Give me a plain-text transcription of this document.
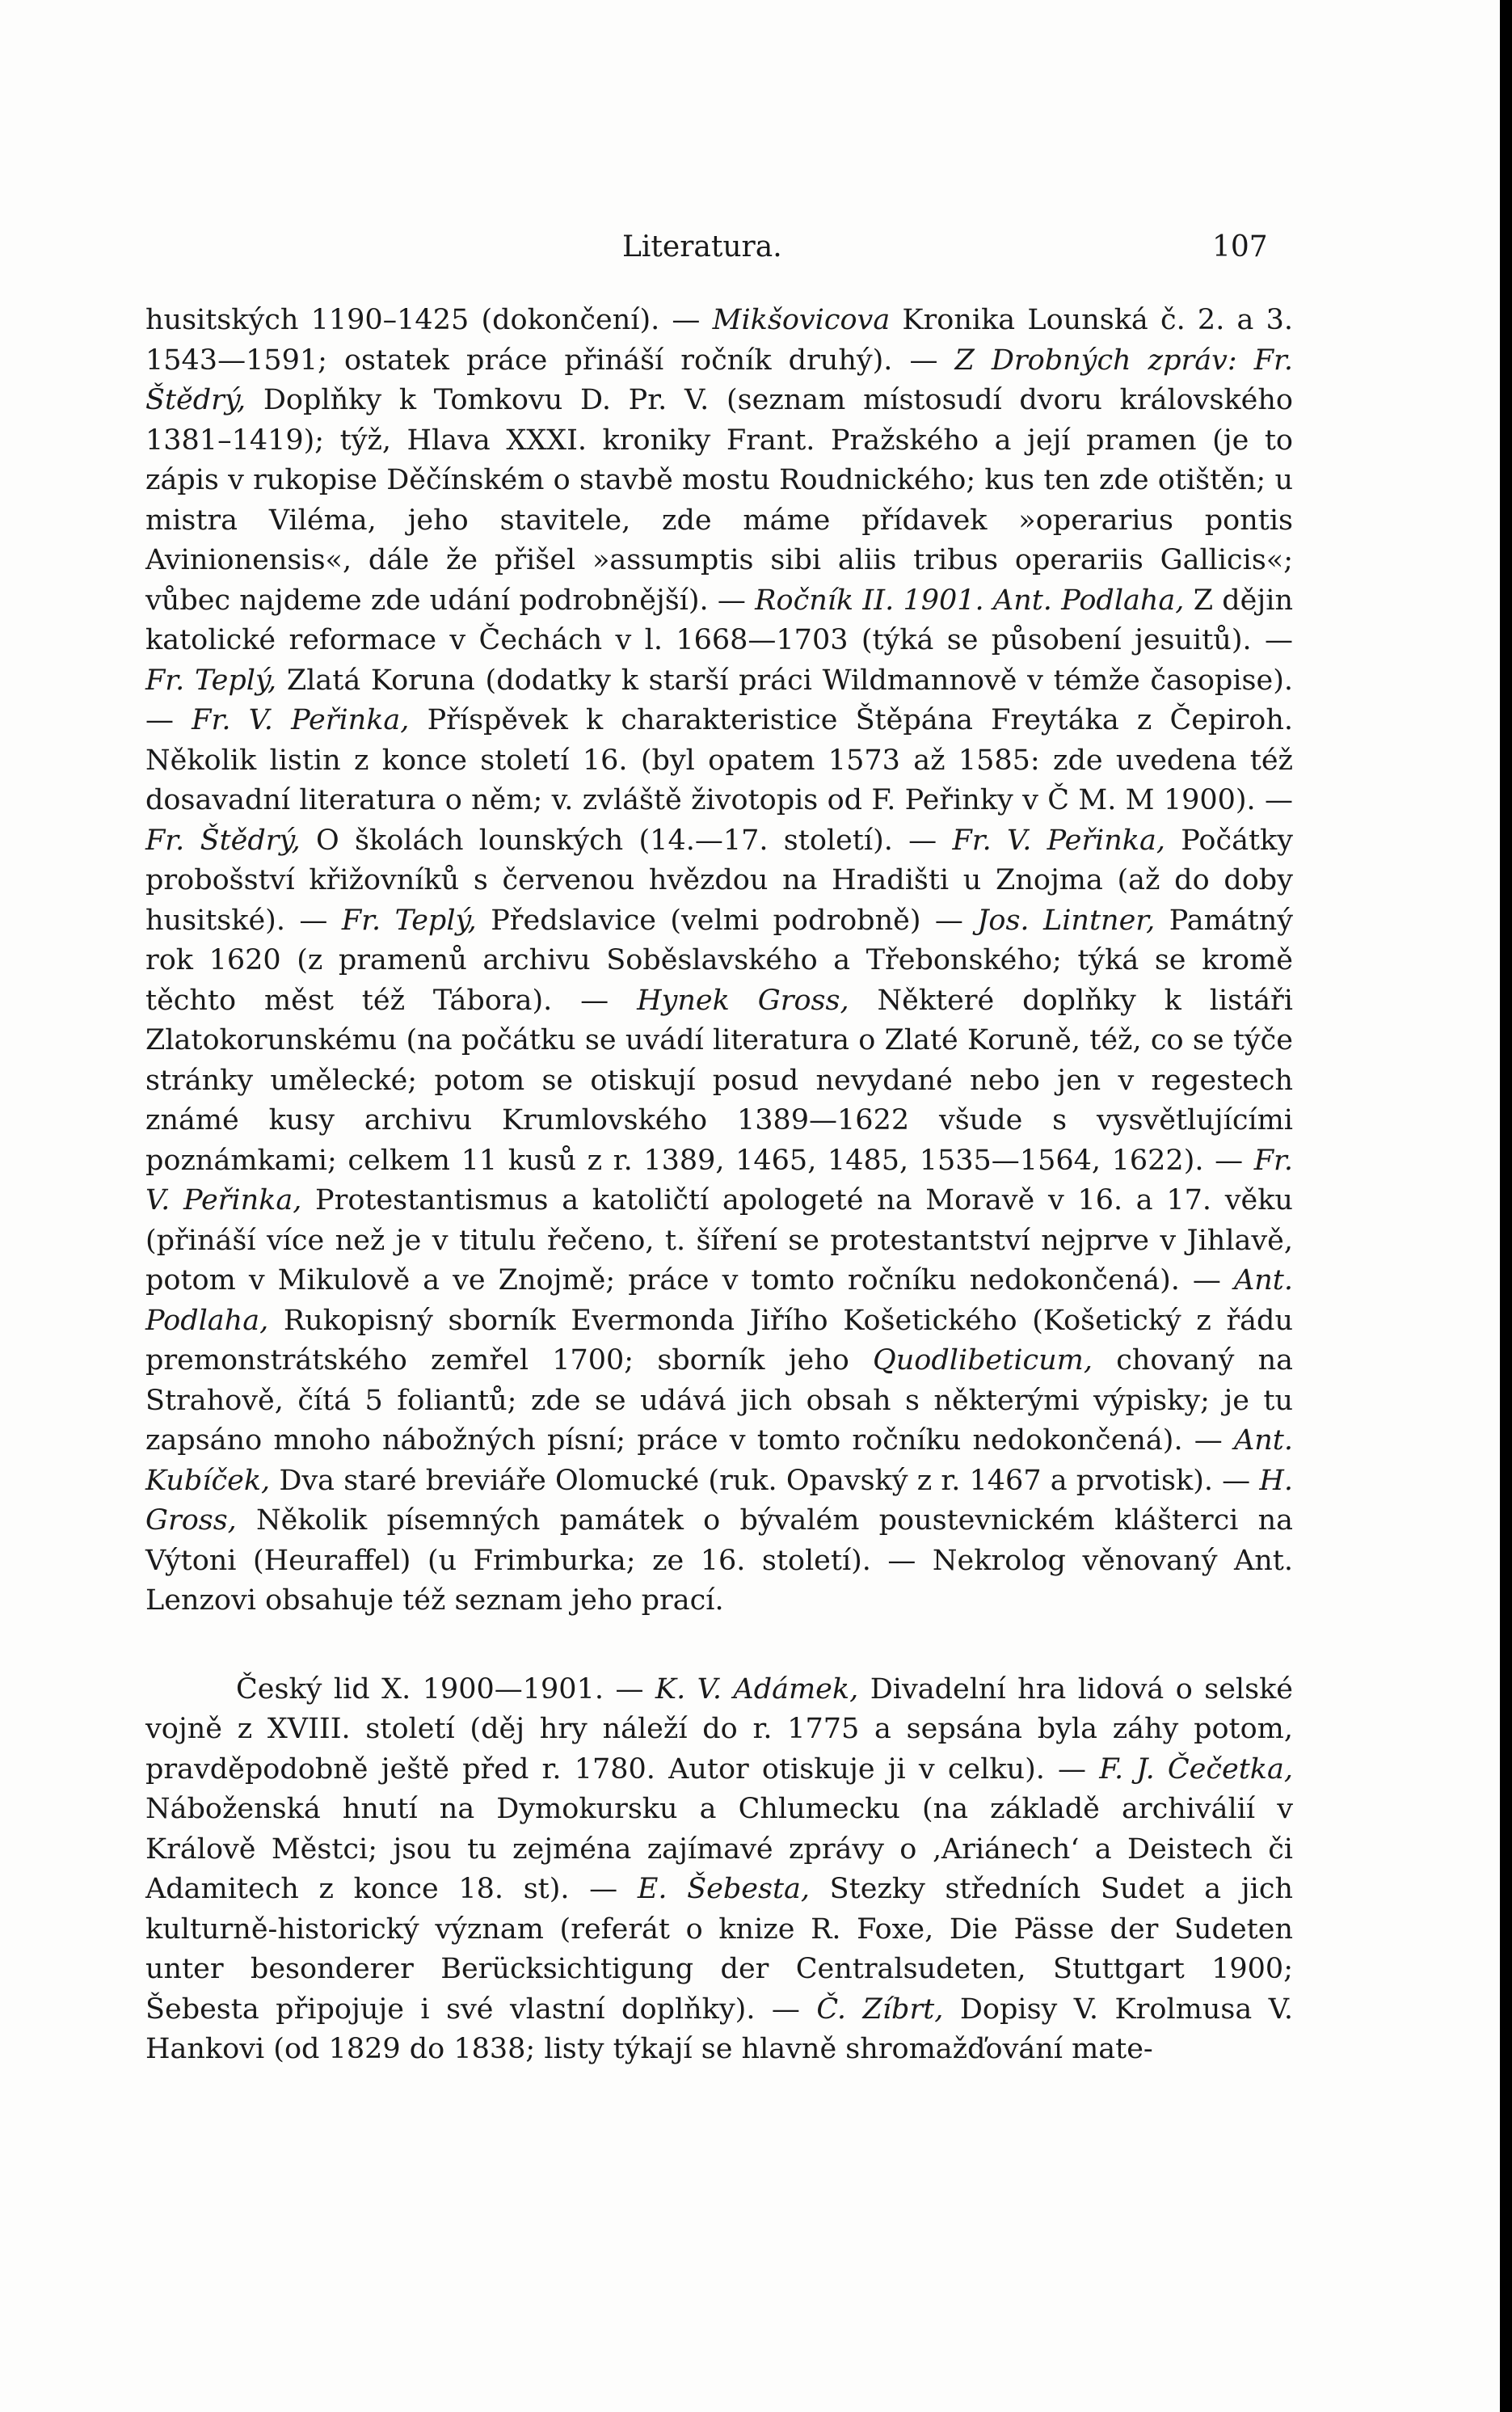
Literatura.	107

husitských 1190–1425 (dokončení). — Mikšovicova Kronika Lounská č. 2. a 3. 1543—1591; ostatek práce přináší ročník druhý). — Z Drobných zpráv: Fr. Štědrý, Doplňky k Tomkovu D. Pr. V. (seznam místosudí dvoru královského 1381–1419); týž, Hlava XXXI. kroniky Frant. Pražského a její pramen (je to zápis v rukopise Děčínském o stavbě mostu Roudnického; kus ten zde otištěn; u mistra Viléma, jeho stavitele, zde máme přídavek »operarius pontis Avinionensis«, dále že přišel »assumptis sibi aliis tribus operariis Gallicis«; vůbec najdeme zde udání podrobnější). — Ročník II. 1901. Ant. Podlaha, Z dějin katolické reformace v Čechách v l. 1668—1703 (týká se působení jesuitů). — Fr. Teplý, Zlatá Koruna (dodatky k starší práci Wildmannově v témže časopise). — Fr. V. Peřinka, Příspěvek k charakteristice Štěpána Freytáka z Čepiroh. Několik listin z konce století 16. (byl opatem 1573 až 1585: zde uvedena též dosavadní literatura o něm; v. zvláště životopis od F. Peřinky v Č M. M 1900). — Fr. Štědrý, O školách lounských (14.—17. století). — Fr. V. Peřinka, Počátky probošství křižovníků s červenou hvězdou na Hradišti u Znojma (až do doby husitské). — Fr. Teplý, Předslavice (velmi podrobně) — Jos. Lintner, Památný rok 1620 (z pramenů archivu Soběslavského a Třebonského; týká se kromě těchto měst též Tábora). — Hynek Gross, Některé doplňky k listáři Zlatokorunskému (na počátku se uvádí literatura o Zlaté Koruně, též, co se týče stránky umělecké; potom se otiskují posud nevydané nebo jen v regestech známé kusy archivu Krumlovského 1389—1622 všude s vysvětlujícími poznámkami; celkem 11 kusů z r. 1389, 1465, 1485, 1535—1564, 1622). — Fr. V. Peřinka, Protestantismus a katoličtí apologeté na Moravě v 16. a 17. věku (přináší více než je v titulu řečeno, t. šíření se protestantství nejprve v Jihlavě, potom v Mikulově a ve Znojmě; práce v tomto ročníku nedokončená). — Ant. Podlaha, Rukopisný sborník Evermonda Jiřího Košetického (Košetický z řádu premonstrátského zemřel 1700; sborník jeho Quodlibeticum, chovaný na Strahově, čítá 5 foliantů; zde se udává jich obsah s některými výpisky; je tu zapsáno mnoho nábožných písní; práce v tomto ročníku nedokončená). — Ant. Kubíček, Dva staré breviáře Olomucké (ruk. Opavský z r. 1467 a prvotisk). — H. Gross, Několik písemných památek o bývalém poustevnickém klášterci na Výtoni (Heuraffel) (u Frimburka; ze 16. století). — Nekrolog věnovaný Ant. Lenzovi obsahuje též seznam jeho prací.

Český lid X. 1900—1901. — K. V. Adámek, Divadelní hra lidová o selské vojně z XVIII. století (děj hry náleží do r. 1775 a sepsána byla záhy potom, pravděpodobně ještě před r. 1780. Autor otiskuje ji v celku). — F. J. Čečetka, Náboženská hnutí na Dymokursku a Chlumecku (na základě archiválií v Králově Městci; jsou tu zejména zajímavé zprávy o ‚Ariánech‘ a Deistech či Adamitech z konce 18. st). — E. Šebesta, Stezky středních Sudet a jich kulturně-historický význam (referát o knize R. Foxe, Die Pässe der Sudeten unter besonderer Berücksichtigung der Centralsudeten, Stuttgart 1900; Šebesta připojuje i své vlastní doplňky). — Č. Zíbrt, Dopisy V. Krolmusa V. Hankovi (od 1829 do 1838; listy týkají se hlavně shromažďování mate-
